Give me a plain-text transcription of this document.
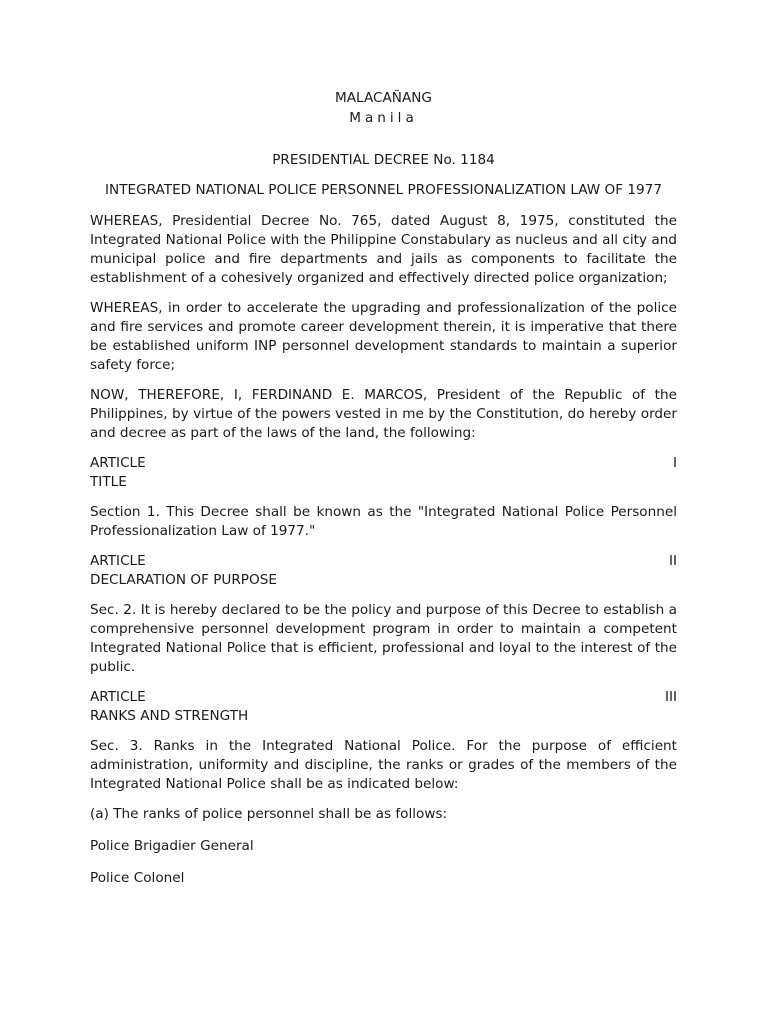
MALACAÑANG
Manila
PRESIDENTIAL DECREE No. 1184
INTEGRATED NATIONAL POLICE PERSONNEL PROFESSIONALIZATION LAW OF 1977

WHEREAS, Presidential Decree No. 765, dated August 8, 1975, constituted the Integrated National Police with the Philippine Constabulary as nucleus and all city and municipal police and fire departments and jails as components to facilitate the establishment of a cohesively organized and effectively directed police organization;

WHEREAS, in order to accelerate the upgrading and professionalization of the police and fire services and promote career development therein, it is imperative that there be established uniform INP personnel development standards to maintain a superior safety force;

NOW, THEREFORE, I, FERDINAND E. MARCOS, President of the Republic of the Philippines, by virtue of the powers vested in me by the Constitution, do hereby order and decree as part of the laws of the land, the following:

ARTICLE	I
TITLE

Section 1. This Decree shall be known as the "Integrated National Police Personnel Professionalization Law of 1977."

ARTICLE	II
DECLARATION OF PURPOSE

Sec. 2. It is hereby declared to be the policy and purpose of this Decree to establish a comprehensive personnel development program in order to maintain a competent Integrated National Police that is efficient, professional and loyal to the interest of the public.

ARTICLE	III
RANKS AND STRENGTH

Sec. 3. Ranks in the Integrated National Police. For the purpose of efficient administration, uniformity and discipline, the ranks or grades of the members of the Integrated National Police shall be as indicated below:

(a) The ranks of police personnel shall be as follows:

Police Brigadier General
Police Colonel
